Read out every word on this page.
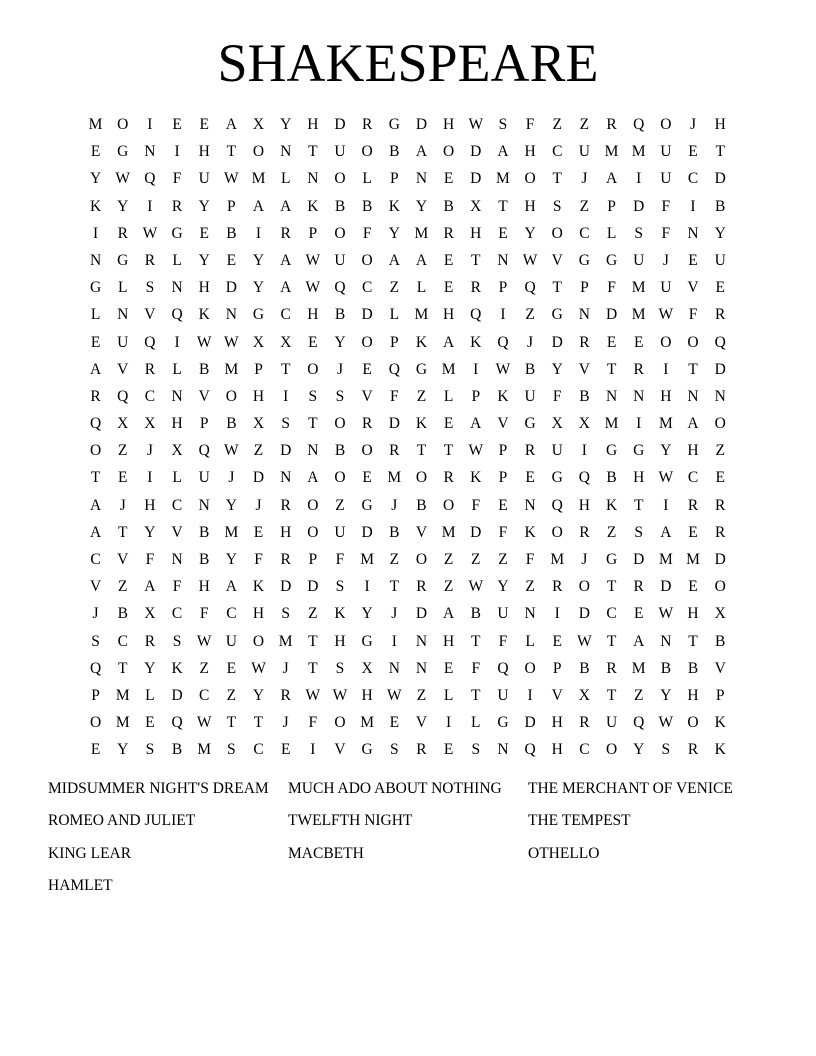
SHAKESPEARE
M O	I	E	E	A	X	Y	H	D	R	G	D	H W	S	F	Z	Z	R	Q	O	J	H
E	G	N	I	H	T	O	N	T	U	O	B	A	O	D	A	H	C	U M M U	E	T
Y W Q	F	U W M	L	N	O	L	P	N	E	D M O	T	J	A	I	U	C	D
K	Y	I	R	Y	P	A	A	K	B	B	K	Y	B	X	T	H	S	Z	P	D	F	I	B
I	R W G	E	B	I	R	P	O	F	Y M R	H	E	Y	O	C	L	S	F	N	Y
N	G	R	L	Y	E	Y	A W U	O	A	A	E	T	N W V	G	G	U	J	E	U
G	L	S	N	H	D	Y	A W Q	C	Z	L	E	R	P	Q	T	P	F	M U	V	E
L	N	V	Q	K	N	G	C	H	B	D	L	M H	Q	I	Z	G	N	D M W	F	R
E	U	Q	I	W W X	X	E	Y	O	P	K	A	K	Q	J	D	R	E	E	O	O	Q
A	V	R	L	B M	P	T	O	J	E	Q	G M	I	W B	Y	V	T	R	I	T	D
R	Q	C	N	V	O	H	I	S	S	V	F	Z	L	P	K	U	F	B	N	N	H	N	N
Q	X	X	H	P	B	X	S	T	O	R	D	K	E	A	V	G	X	X M	I	M A	O
O	Z	J	X	Q W Z	D	N	B	O	R	T	T W	P	R	U	I	G	G	Y	H	Z
T	E	I	L	U	J	D	N	A	O	E	M O	R	K	P	E	G	Q	B	H W C	E
A	J	H	C	N	Y	J	R	O	Z	G	J	B	O	F	E	N	Q	H	K	T	I	R	R
A	T	Y	V	B M	E	H	O	U	D	B	V M D	F	K	O	R	Z	S	A	E	R
C	V	F	N	B	Y	F	R	P	F	M	Z	O	Z	Z	Z	F	M	J	G	D M M D
V	Z	A	F	H	A	K	D	D	S	I	T	R	Z W Y	Z	R	O	T	R	D	E	O
J	B	X	C	F	C	H	S	Z	K	Y	J	D	A	B	U	N	I	D	C	E W H	X
S	C	R	S	W U	O M	T	H	G	I	N	H	T	F	L	E W T	A	N	T	B
Q	T	Y	K	Z	E W	J	T	S	X	N	N	E	F	Q	O	P	B	R M B	B	V
P	M	L	D	C	Z	Y	R W W H W Z	L	T	U	I	V	X	T	Z	Y	H	P
O M	E	Q W T	T	J	F	O M	E	V	I	L	G	D	H	R	U	Q W O	K
E	Y	S	B M	S	C	E	I	V	G	S	R	E	S	N	Q	H	C	O	Y	S	R	K
MIDSUMMER NIGHT'S DREAM	MUCH ADO ABOUT NOTHING	THE MERCHANT OF VENICE
ROMEO AND JULIET	TWELFTH NIGHT	THE TEMPEST
KING LEAR	MACBETH	OTHELLO
HAMLET
